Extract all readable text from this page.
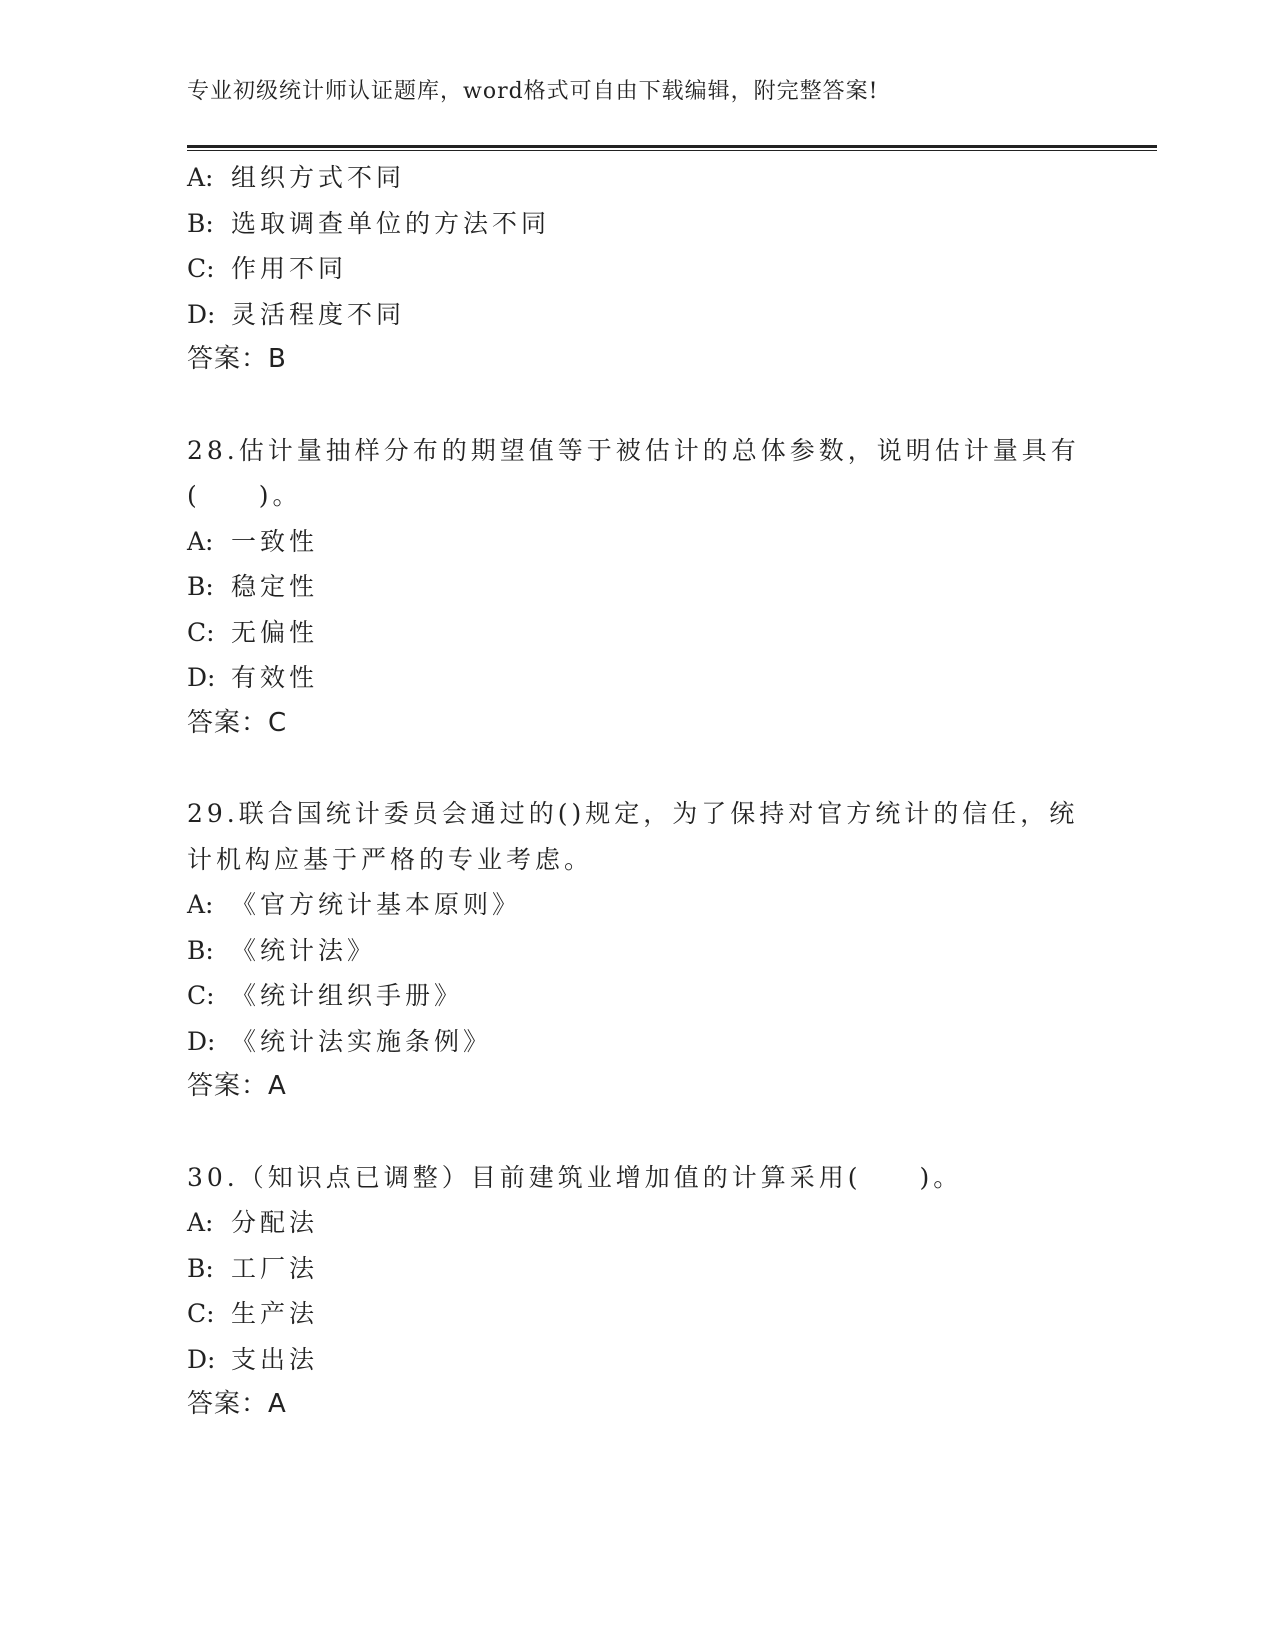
专业初级统计师认证题库，word格式可自由下载编辑，附完整答案!
A: 组织方式不同
B: 选取调查单位的方法不同
C: 作用不同
D: 灵活程度不同
答案：B
28.估计量抽样分布的期望值等于被估计的总体参数，说明估计量具有
(　　)。
A: 一致性
B: 稳定性
C: 无偏性
D: 有效性
答案：C
29.联合国统计委员会通过的()规定，为了保持对官方统计的信任，统
计机构应基于严格的专业考虑。
A: 《官方统计基本原则》
B: 《统计法》
C: 《统计组织手册》
D: 《统计法实施条例》
答案：A
30.（知识点已调整）目前建筑业增加值的计算采用(　　)。
A: 分配法
B: 工厂法
C: 生产法
D: 支出法
答案：A
